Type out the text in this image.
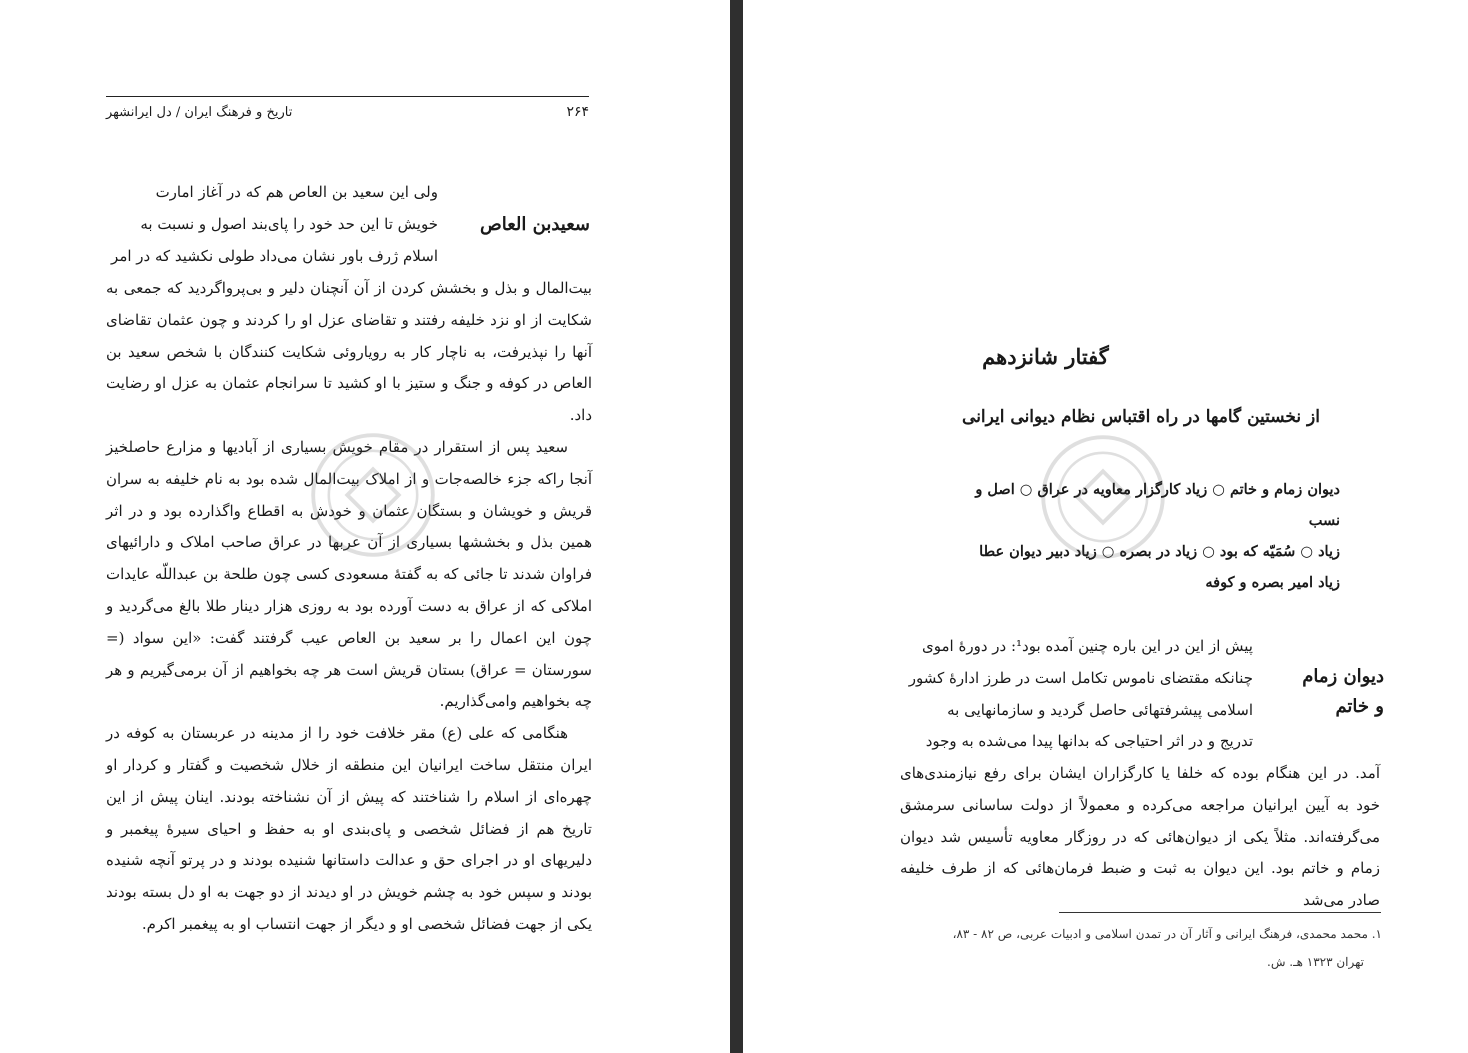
۲۶۴
تاریخ و فرهنگ ایران / دل ایرانشهر
سعیدبن العاص

ولی این سعید بن العاص هم که در آغاز امارت

خویش تا این حد خود را پای‌بند اصول و نسبت به

اسلام ژرف باور نشان می‌داد طولی نکشید که در امر

بیت‌المال و بذل و بخشش کردن از آن آنچنان دلیر و بی‌پرواگردید که جمعی به شکایت از او نزد خلیفه رفتند و تقاضای عزل او را کردند و چون عثمان تقاضای آنها را نپذیرفت، به ناچار کار به رویاروئی شکایت کنندگان با شخص سعید بن العاص در کوفه و جنگ و ستیز با او کشید تا سرانجام عثمان به عزل او رضایت داد.

سعید پس از استقرار در مقام خویش بسیاری از آبادیها و مزارع حاصلخیز آنجا راکه جزء خالصه‌جات و از املاک بیت‌المال شده بود به نام خلیفه به سران قریش و خویشان و بستگان عثمان و خودش به اقطاع واگذارده بود و در اثر همین بذل و بخششها بسیاری از آن عربها در عراق صاحب املاک و دارائیهای فراوان شدند تا جائی که به گفتهٔ مسعودی کسی چون طلحة بن عبداللّه عایدات املاکی که از عراق به دست آورده بود به روزی هزار دینار طلا بالغ می‌گردید و چون این اعمال را بر سعید بن العاص عیب گرفتند گفت: «این سواد (= سورستان = عراق) بستان قریش است هر چه بخواهیم از آن برمی‌گیریم و هر چه بخواهیم وامی‌گذاریم.

هنگامی که علی (ع) مقر خلافت خود را از مدینه در عربستان به کوفه در ایران منتقل ساخت ایرانیان این منطقه از خلال شخصیت و گفتار و کردار او چهره‌ای از اسلام را شناختند که پیش از آن نشناخته بودند. اینان پیش از این تاریخ هم از فضائل شخصی و پای‌بندی او به حفظ و احیای سیرهٔ پیغمبر و دلیریهای او در اجرای حق و عدالت داستانها شنیده بودند و در پرتو آنچه شنیده بودند و سپس خود به چشم خویش در او دیدند از دو جهت به او دل بسته بودند یکی از جهت فضائل شخصی او و دیگر از جهت انتساب او به پیغمبر اکرم.

گفتار شانزدهم
از نخستین گامها در راه اقتباس نظام دیوانی ایرانی

دیوان زمام و خاتم ○ زیاد کارگزار معاویه در عراق ○ اصل و نسب

زیاد ○ سُمَیّه که بود ○ زیاد در بصره ○ زیاد دبیر دیوان عطا

زیاد امیر بصره و کوفه

دیوان زمام
و خاتم

پیش از این در این باره چنین آمده بود¹: در دورهٔ اموی

چنانکه مقتضای ناموس تکامل است در طرز ادارهٔ کشور

اسلامی پیشرفتهائی حاصل گردید و سازمانهایی به

تدریج و در اثر احتیاجی که بدانها پیدا می‌شده به وجود

آمد. در این هنگام بوده که خلفا یا کارگزاران ایشان برای رفع نیازمندی‌های خود به آیین ایرانیان مراجعه می‌کرده و معمولاً از دولت ساسانی سرمشق می‌گرفته‌اند. مثلاً یکی از دیوان‌هائی که در روزگار معاویه تأسیس شد دیوان زمام و خاتم بود. این دیوان به ثبت و ضبط فرمان‌هائی که از طرف خلیفه صادر می‌شد

۱. محمد محمدی، فرهنگ ایرانی و آثار آن در تمدن اسلامی و ادبیات عربی، ص ۸۲ - ۸۳،

تهران ۱۳۲۳ هـ. ش.
